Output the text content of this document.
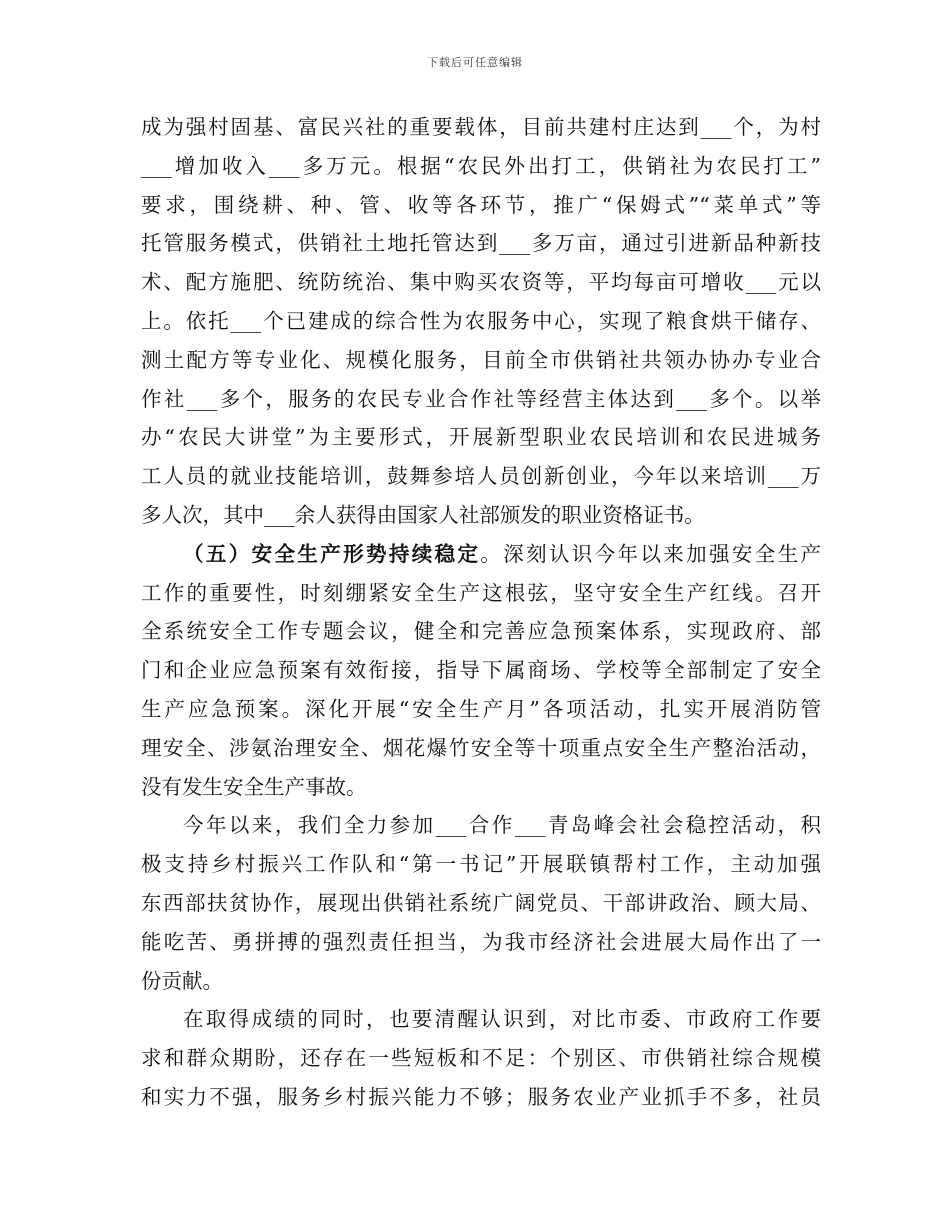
下载后可任意编辑
成为强村固基、富民兴社的重要载体，目前共建村庄达到___个，为村
___增加收入___多万元。根据“农民外出打工，供销社为农民打工”
要求，围绕耕、种、管、收等各环节，推广“保姆式”“菜单式”等
托管服务模式，供销社土地托管达到___多万亩，通过引进新品种新技
术、配方施肥、统防统治、集中购买农资等，平均每亩可增收___元以
上。依托___个已建成的综合性为农服务中心，实现了粮食烘干储存、
测土配方等专业化、规模化服务，目前全市供销社共领办协办专业合
作社___多个，服务的农民专业合作社等经营主体达到___多个。以举
办“农民大讲堂”为主要形式，开展新型职业农民培训和农民进城务
工人员的就业技能培训，鼓舞参培人员创新创业，今年以来培训___万
多人次，其中___余人获得由国家人社部颁发的职业资格证书。
（五）安全生产形势持续稳定。深刻认识今年以来加强安全生产
工作的重要性，时刻绷紧安全生产这根弦，坚守安全生产红线。召开
全系统安全工作专题会议，健全和完善应急预案体系，实现政府、部
门和企业应急预案有效衔接，指导下属商场、学校等全部制定了安全
生产应急预案。深化开展“安全生产月”各项活动，扎实开展消防管
理安全、涉氨治理安全、烟花爆竹安全等十项重点安全生产整治活动，
没有发生安全生产事故。
今年以来，我们全力参加___合作___青岛峰会社会稳控活动，积
极支持乡村振兴工作队和“第一书记”开展联镇帮村工作，主动加强
东西部扶贫协作，展现出供销社系统广阔党员、干部讲政治、顾大局、
能吃苦、勇拼搏的强烈责任担当，为我市经济社会进展大局作出了一
份贡献。
在取得成绩的同时，也要清醒认识到，对比市委、市政府工作要
求和群众期盼，还存在一些短板和不足：个别区、市供销社综合规模
和实力不强，服务乡村振兴能力不够；服务农业产业抓手不多，社员
